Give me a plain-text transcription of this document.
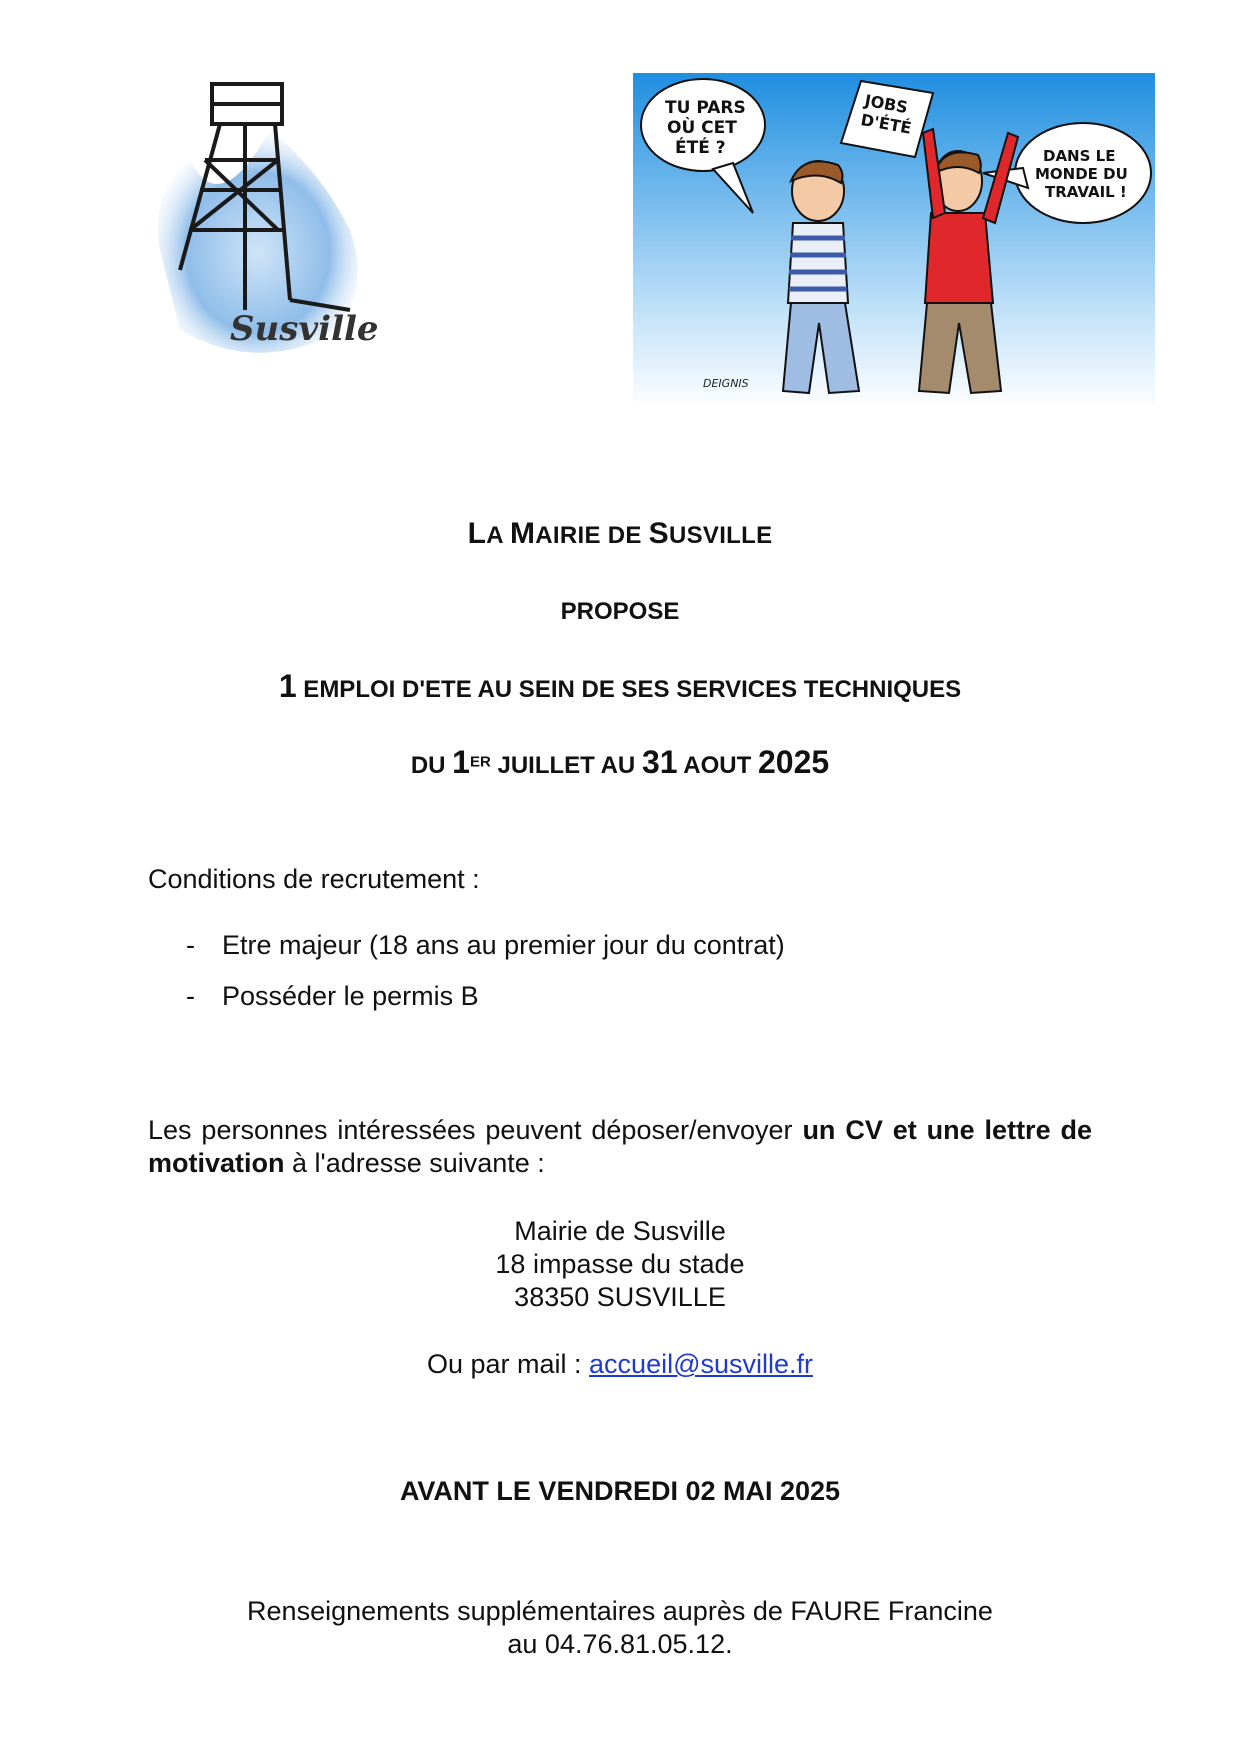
Susville
TU PARS
OÙ CET
ÉTÉ ?
JOBS
D'ÉTÉ
DANS LE
MONDE DU
TRAVAIL !
DEIGNIS
LA MAIRIE DE SUSVILLE
PROPOSE
1 EMPLOI D'ETE AU SEIN DE SES SERVICES TECHNIQUES
DU 1ER JUILLET AU 31 AOUT 2025
Conditions de recrutement :
- Etre majeur (18 ans au premier jour du contrat)
- Posséder le permis B
Les personnes intéressées peuvent déposer/envoyer un CV et une lettre de motivation à l'adresse suivante :
Mairie de Susville
18 impasse du stade
38350 SUSVILLE
Ou par mail : accueil@susville.fr
AVANT LE VENDREDI 02 MAI 2025
Renseignements supplémentaires auprès de FAURE Francine
au 04.76.81.05.12.
